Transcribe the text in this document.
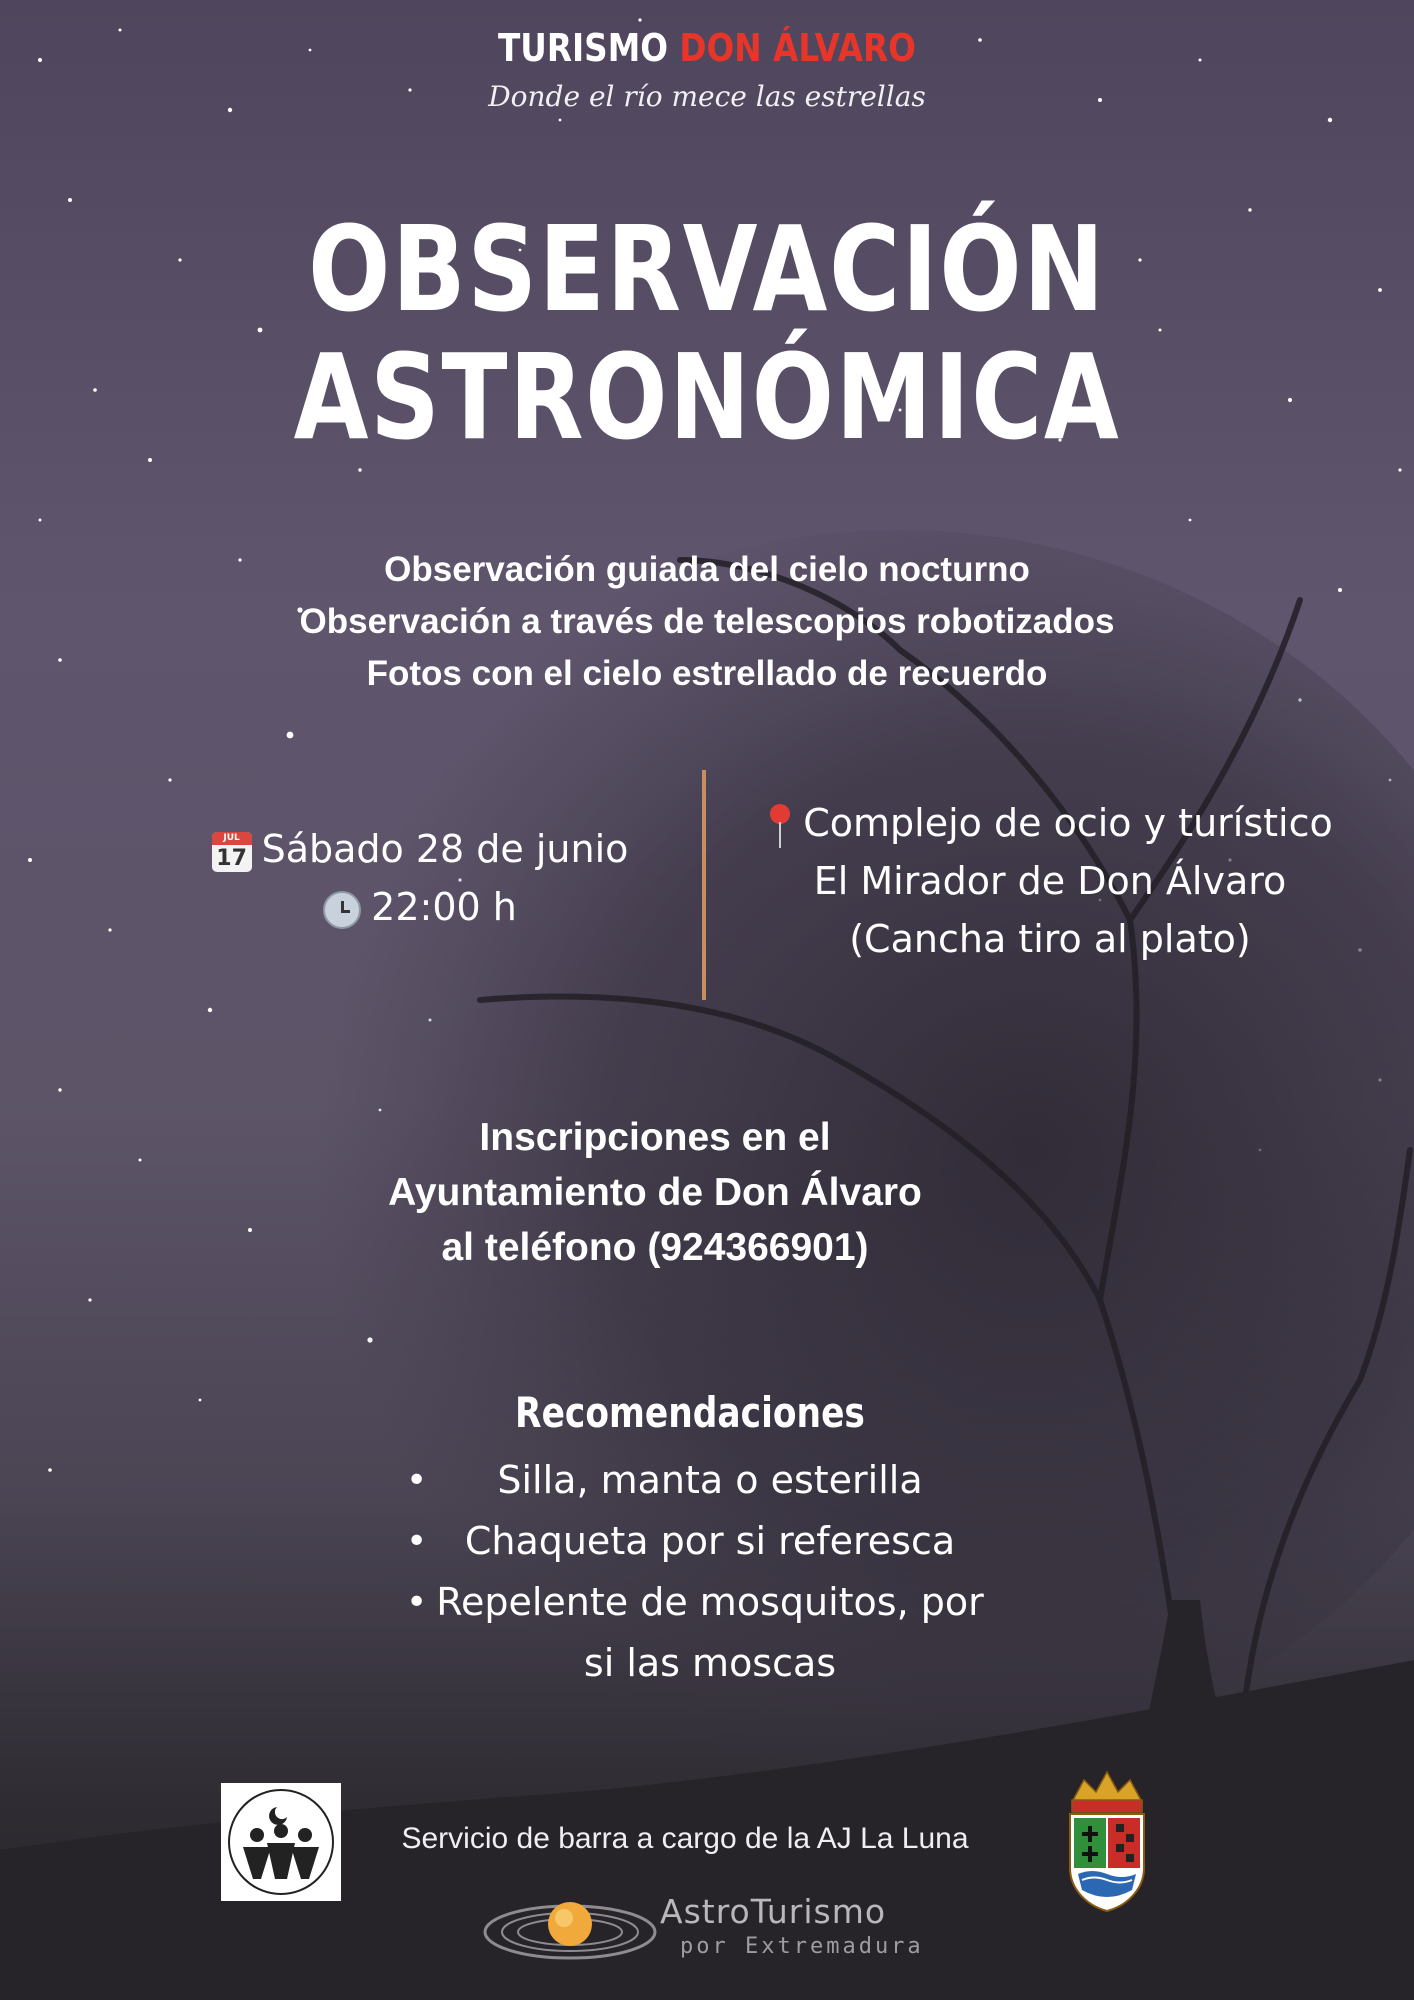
TURISMO DON ÁLVARO
Donde el río mece las estrellas
OBSERVACIÓN
ASTRONÓMICA
Observación guiada del cielo nocturno
Observación a través de telescopios robotizados
Fotos con el cielo estrellado de recuerdo
JUL
17 Sábado 28 de junio
22:00 h
Complejo de ocio y turístico
El Mirador de Don Álvaro
(Cancha tiro al plato)
Inscripciones en el
Ayuntamiento de Don Álvaro
al teléfono (924366901)
Recomendaciones
• Silla, manta o esterilla
• Chaqueta por si referesca
• Repelente de mosquitos, por
si las moscas
Servicio de barra a cargo de la AJ La Luna
AstroTurismo
por Extremadura
